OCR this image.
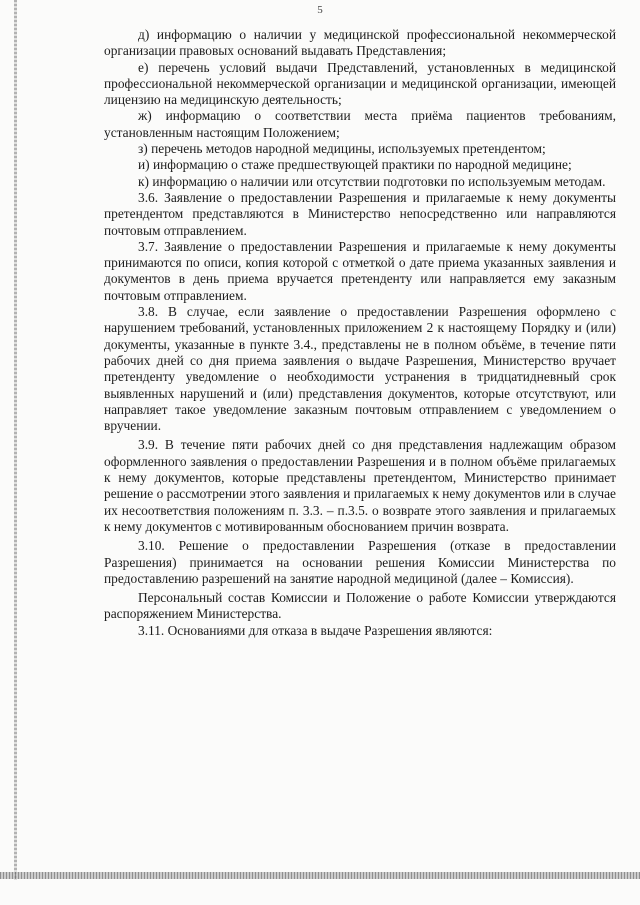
5

д) информацию о наличии у медицинской профессиональной некоммерческой организации правовых оснований выдавать Представления;

е) перечень условий выдачи Представлений, установленных в медицинской профессиональной некоммерческой организации и медицинской организации, имеющей лицензию на медицинскую деятельность;

ж) информацию о соответствии места приёма пациентов требованиям, установленным настоящим Положением;

з) перечень методов народной медицины, используемых претендентом;

и) информацию о стаже предшествующей практики по народной медицине;

к) информацию о наличии или отсутствии подготовки по используемым методам.

3.6. Заявление о предоставлении Разрешения и прилагаемые к нему документы претендентом представляются в Министерство непосредственно или направляются почтовым отправлением.

3.7. Заявление о предоставлении Разрешения и прилагаемые к нему документы принимаются по описи, копия которой с отметкой о дате приема указанных заявления и документов в день приема вручается претенденту или направляется ему заказным почтовым отправлением.

3.8. В случае, если заявление о предоставлении Разрешения оформлено с нарушением требований, установленных приложением 2 к настоящему Порядку и (или) документы, указанные в пункте 3.4., представлены не в полном объёме, в течение пяти рабочих дней со дня приема заявления о выдаче Разрешения, Министерство вручает претенденту уведомление о необходимости устранения в тридцатидневный срок выявленных нарушений и (или) представления документов, которые отсутствуют, или направляет такое уведомление заказным почтовым отправлением с уведомлением о вручении.

3.9. В течение пяти рабочих дней со дня представления надлежащим образом оформленного заявления о предоставлении Разрешения и в полном объёме прилагаемых к нему документов, которые представлены претендентом, Министерство принимает решение о рассмотрении этого заявления и прилагаемых к нему документов или в случае их несоответствия положениям п. 3.3. – п.3.5. о возврате этого заявления и прилагаемых к нему документов с мотивированным обоснованием причин возврата.

3.10. Решение о предоставлении Разрешения (отказе в предоставлении Разрешения) принимается на основании решения Комиссии Министерства по предоставлению разрешений на занятие народной медициной (далее – Комиссия).

Персональный состав Комиссии и Положение о работе Комиссии утверждаются распоряжением Министерства.

3.11. Основаниями для отказа в выдаче Разрешения являются:
